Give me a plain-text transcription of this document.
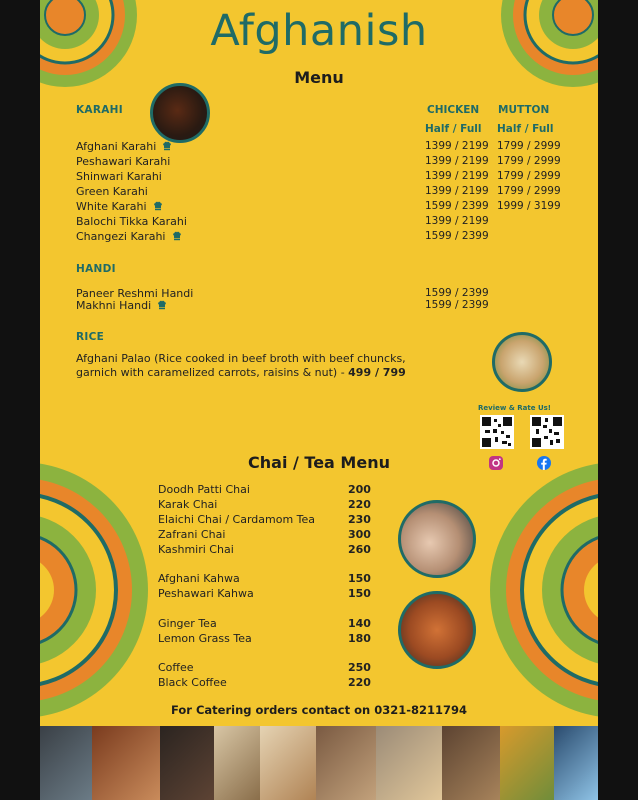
Afghanish
Menu
KARAHI	CHICKEN MUTTON
Half / Full Half / Full
Afghani Karahi	1399 / 2199 1799 / 2999
Peshawari Karahi	1399 / 2199 1799 / 2999
Shinwari Karahi	1399 / 2199 1799 / 2999
Green Karahi	1399 / 2199 1799 / 2999
White Karahi	1599 / 2399 1999 / 3199
Balochi Tikka Karahi	1399 / 2199
Changezi Karahi	1599 / 2399
HANDI
Paneer Reshmi Handi	1599 / 2399
Makhni Handi	1599 / 2399
RICE
Afghani Palao (Rice cooked in beef broth with beef chuncks,
garnich with caramelized carrots, raisins & nut) - 499 / 799
Review & Rate Us!
Chai / Tea Menu
Doodh Patti Chai	200
Karak Chai	220
Elaichi Chai / Cardamom Tea	230
Zafrani Chai	300
Kashmiri Chai	260
Afghani Kahwa	150
Peshawari Kahwa	150
Ginger Tea	140
Lemon Grass Tea	180
Coffee	250
Black Coffee	220
For Catering orders contact on 0321-8211794
